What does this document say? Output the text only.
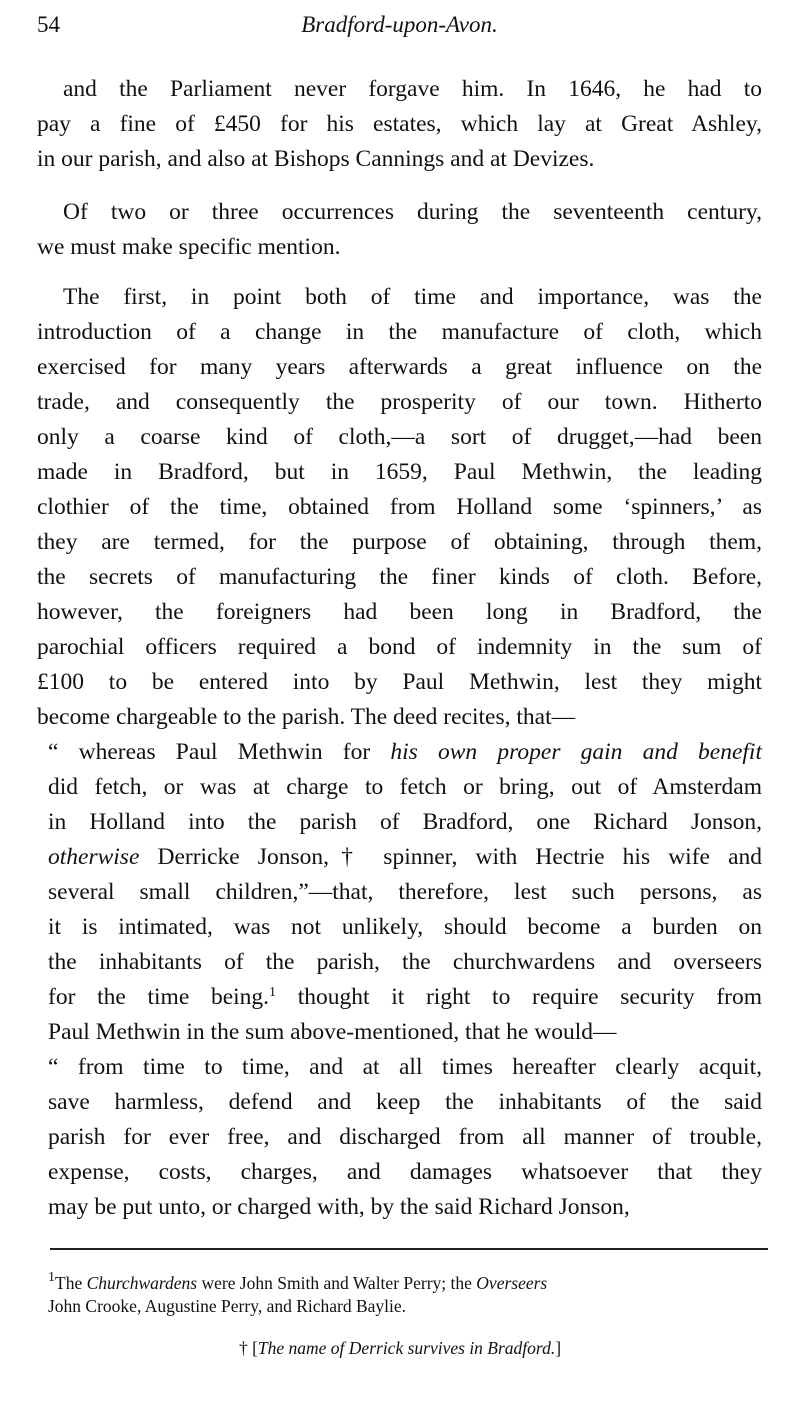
54	Bradford-upon-Avon.
and the Parliament never forgave him. In 1646, he had to
pay a fine of £450 for his estates, which lay at Great Ashley,
in our parish, and also at Bishops Cannings and at Devizes.
Of two or three occurrences during the seventeenth century,
we must make specific mention.
The first, in point both of time and importance, was the
introduction of a change in the manufacture of cloth, which
exercised for many years afterwards a great influence on the
trade, and consequently the prosperity of our town. Hitherto
only a coarse kind of cloth,—a sort of drugget,—had been
made in Bradford, but in 1659, Paul Methwin, the leading
clothier of the time, obtained from Holland some ‘spinners,’ as
they are termed, for the purpose of obtaining, through them,
the secrets of manufacturing the finer kinds of cloth. Before,
however, the foreigners had been long in Bradford, the
parochial officers required a bond of indemnity in the sum of
£100 to be entered into by Paul Methwin, lest they might
become chargeable to the parish. The deed recites, that—
“ whereas Paul Methwin for his own proper gain and benefit
did fetch, or was at charge to fetch or bring, out of Amsterdam
in Holland into the parish of Bradford, one Richard Jonson,
otherwise Derricke Jonson,† spinner, with Hectrie his wife and
several small children,”—that, therefore, lest such persons, as
it is intimated, was not unlikely, should become a burden on
the inhabitants of the parish, the churchwardens and overseers
for the time being.$^1$ thought it right to require security from
Paul Methwin in the sum above-mentioned, that he would—
“ from time to time, and at all times hereafter clearly acquit,
save harmless, defend and keep the inhabitants of the said
parish for ever free, and discharged from all manner of trouble,
expense, costs, charges, and damages whatsoever that they
may be put unto, or charged with, by the said Richard Jonson,
$^1$The Churchwardens were John Smith and Walter Perry; the Overseers
John Crooke, Augustine Perry, and Richard Baylie.
† [The name of Derrick survives in Bradford.]
